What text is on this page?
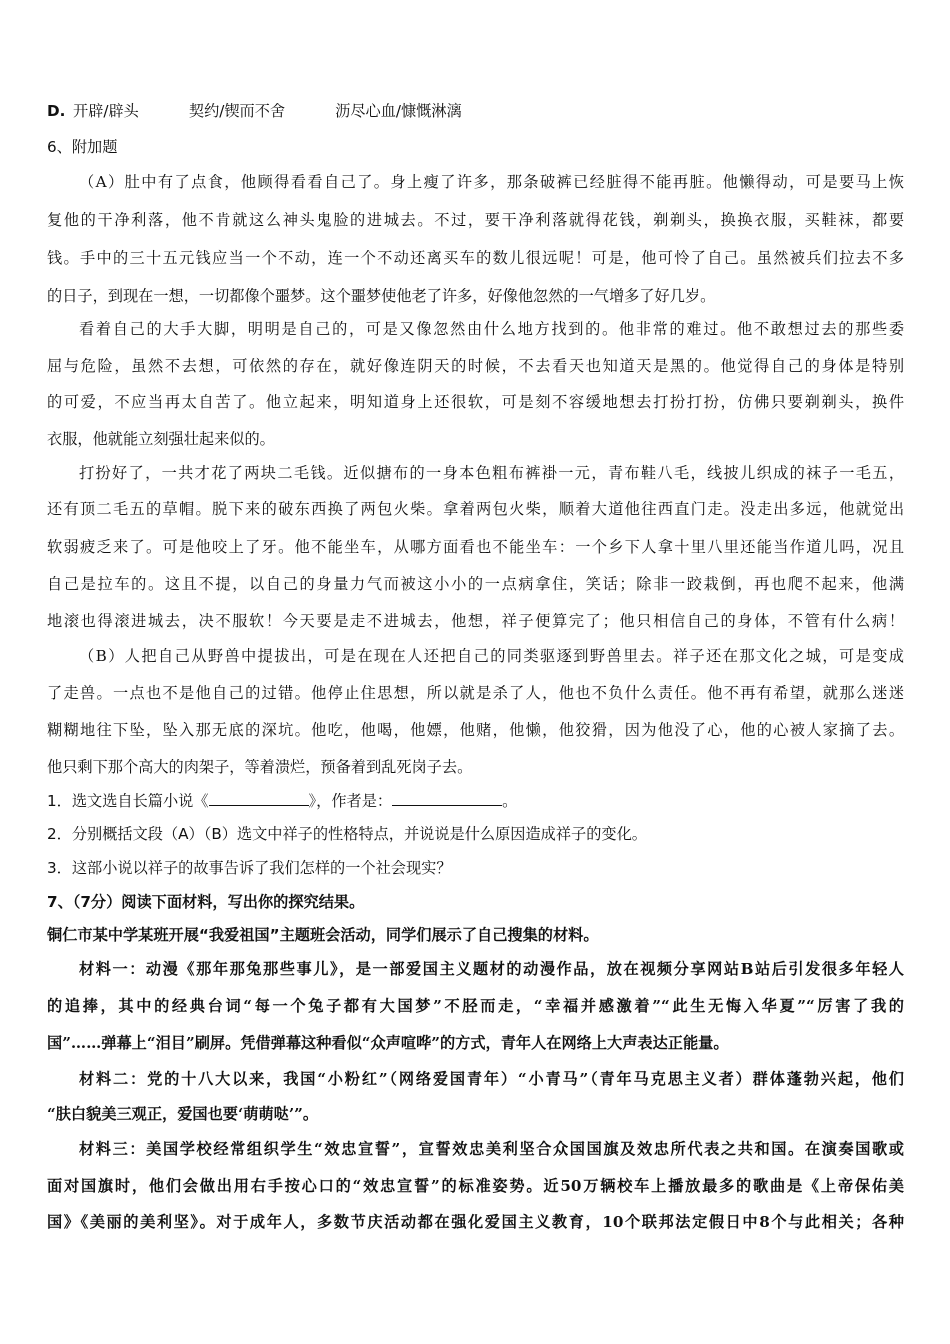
D. 开辟/辟头	契约/锲而不舍	沥尽心血/慷慨淋漓
6、附加题
（A）肚中有了点食，他顾得看看自己了。身上瘦了许多，那条破裤已经脏得不能再脏。他懒得动，可是要马上恢
复他的干净利落，他不肯就这么神头鬼脸的进城去。不过，要干净利落就得花钱，剃剃头，换换衣服，买鞋袜，都要
钱。手中的三十五元钱应当一个不动，连一个不动还离买车的数儿很远呢！可是，他可怜了自己。虽然被兵们拉去不多
的日子，到现在一想，一切都像个噩梦。这个噩梦使他老了许多，好像他忽然的一气增多了好几岁。
看着自己的大手大脚，明明是自己的，可是又像忽然由什么地方找到的。他非常的难过。他不敢想过去的那些委
屈与危险，虽然不去想，可依然的存在，就好像连阴天的时候，不去看天也知道天是黑的。他觉得自己的身体是特别
的可爱，不应当再太自苦了。他立起来，明知道身上还很软，可是刻不容缓地想去打扮打扮，仿佛只要剃剃头，换件
衣服，他就能立刻强壮起来似的。
打扮好了，一共才花了两块二毛钱。近似搪布的一身本色粗布裤褂一元，青布鞋八毛，线披儿织成的袜子一毛五，
还有顶二毛五的草帽。脱下来的破东西换了两包火柴。拿着两包火柴，顺着大道他往西直门走。没走出多远，他就觉出
软弱疲乏来了。可是他咬上了牙。他不能坐车，从哪方面看也不能坐车：一个乡下人拿十里八里还能当作道儿吗，况且
自己是拉车的。这且不提，以自己的身量力气而被这小小的一点病拿住，笑话；除非一跤栽倒，再也爬不起来，他满
地滚也得滚进城去，决不服软！今天要是走不进城去，他想，祥子便算完了；他只相信自己的身体，不管有什么病！
（B）人把自己从野兽中提拔出，可是在现在人还把自己的同类驱逐到野兽里去。祥子还在那文化之城，可是变成
了走兽。一点也不是他自己的过错。他停止住思想，所以就是杀了人，他也不负什么责任。他不再有希望，就那么迷迷
糊糊地往下坠，坠入那无底的深坑。他吃，他喝，他嫖，他赌，他懒，他狡猾，因为他没了心，他的心被人家摘了去。
他只剩下那个高大的肉架子，等着溃烂，预备着到乱死岗子去。
1．选文选自长篇小说《	》，作者是：	。
2．分别概括文段（A）（B）选文中祥子的性格特点，并说说是什么原因造成祥子的变化。
3．这部小说以祥子的故事告诉了我们怎样的一个社会现实？
7、（7分）阅读下面材料，写出你的探究结果。
铜仁市某中学某班开展“我爱祖国”主题班会活动，同学们展示了自己搜集的材料。
材料一：动漫《那年那兔那些事儿》，是一部爱国主义题材的动漫作品，放在视频分享网站B站后引发很多年轻人
的追捧，其中的经典台词“每一个兔子都有大国梦”不胫而走，“幸福并感激着”“此生无悔入华夏”“厉害了我的
国”……弹幕上“泪目”刷屏。凭借弹幕这种看似“众声喧哗”的方式，青年人在网络上大声表达正能量。
材料二：党的十八大以来，我国“小粉红”（网络爱国青年）“小青马”（青年马克思主义者）群体蓬勃兴起，他们
“肤白貌美三观正，爱国也要‘萌萌哒’”。
材料三：美国学校经常组织学生“效忠宣誓”，宣誓效忠美利坚合众国国旗及效忠所代表之共和国。在演奏国歌或
面对国旗时，他们会做出用右手按心口的“效忠宣誓”的标准姿势。近50万辆校车上播放最多的歌曲是《上帝保佑美
国》《美丽的美利坚》。对于成年人，多数节庆活动都在强化爱国主义教育，10个联邦法定假日中8个与此相关；各种
